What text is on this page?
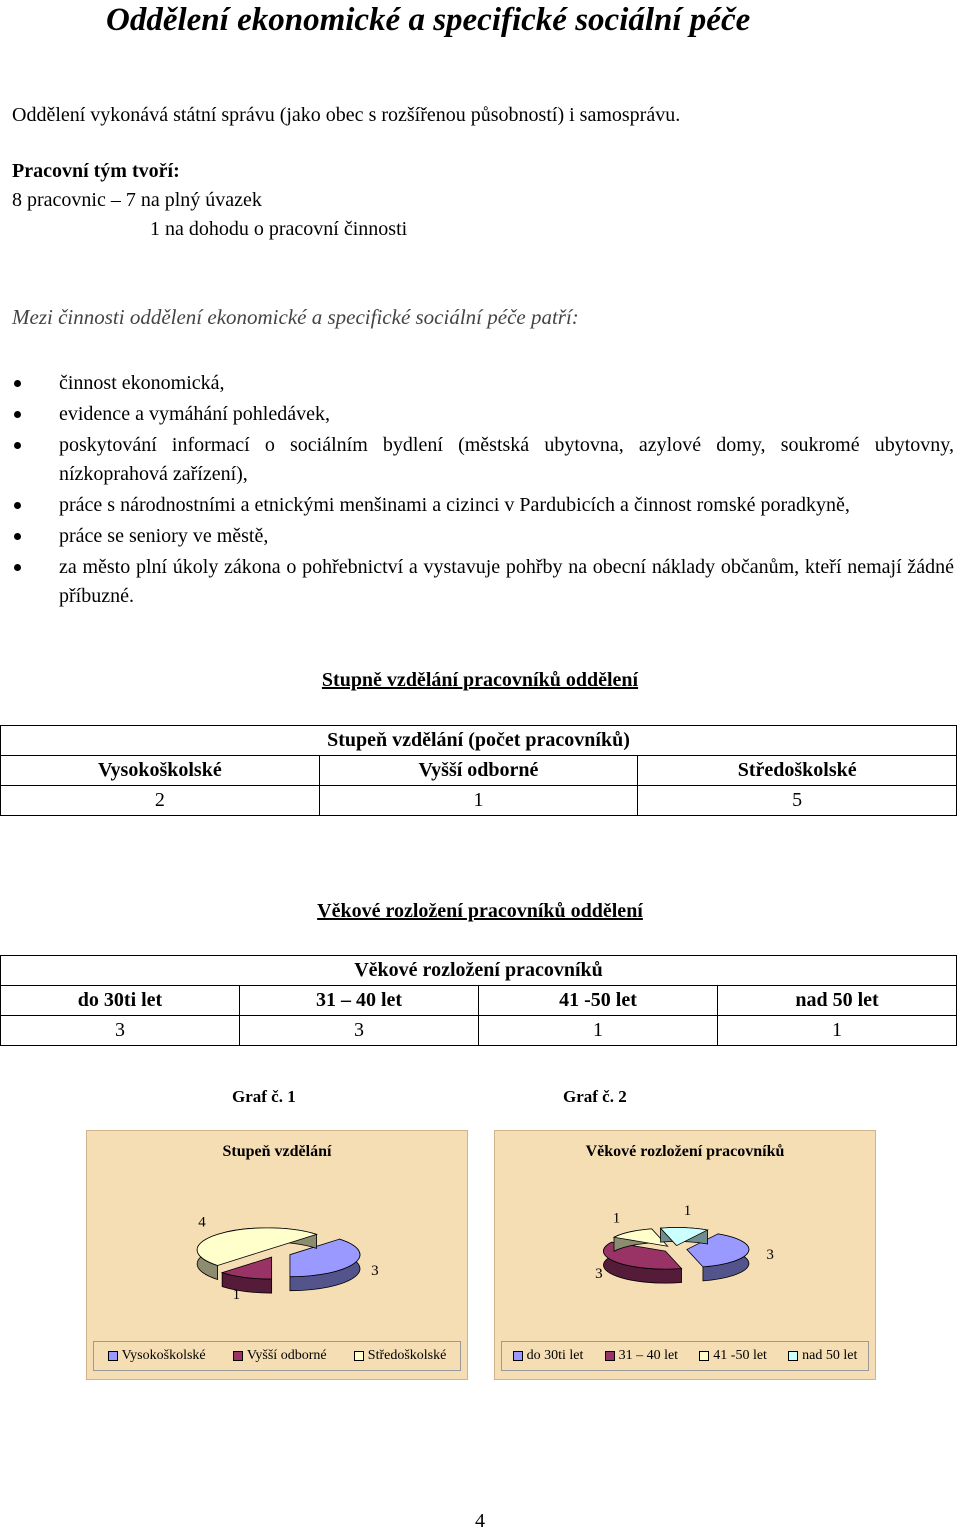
Oddělení ekonomické a specifické sociální péče
Oddělení vykonává státní správu (jako obec s rozšířenou působností) i samosprávu.
Pracovní tým tvoří:
8 pracovnic – 7 na plný úvazek
1 na dohodu o pracovní činnosti
Mezi činnosti oddělení ekonomické a specifické sociální péče patří:
činnost ekonomická,
evidence a vymáhání pohledávek,
poskytování informací o sociálním bydlení (městská ubytovna, azylové domy, soukromé ubytovny, nízkoprahová zařízení),
práce s národnostními a etnickými menšinami a cizinci v Pardubicích a činnost romské poradkyně,
práce se seniory ve městě,
za město plní úkoly zákona o pohřebnictví a vystavuje pohřby na obecní náklady občanům, kteří nemají žádné příbuzné.
Stupně vzdělání pracovníků oddělení
Stupeň vzdělání (počet pracovníků)		
Vysokoškolské	Vyšší odborné	Středoškolské
2	1	5
Věkové rozložení pracovníků oddělení
Věkové rozložení pracovníků			
do 30ti let	31 – 40 let	41 -50 let	nad 50 let
3	3	1	1
Graf č. 1	Graf č. 2
Stupeň vzdělání
3
1
4
Vysokoškolské	Vyšší odborné	Středoškolské
Věkové rozložení pracovníků
3
3
1	1
do 30ti let	31 – 40 let	41 -50 let	nad 50 let
4
